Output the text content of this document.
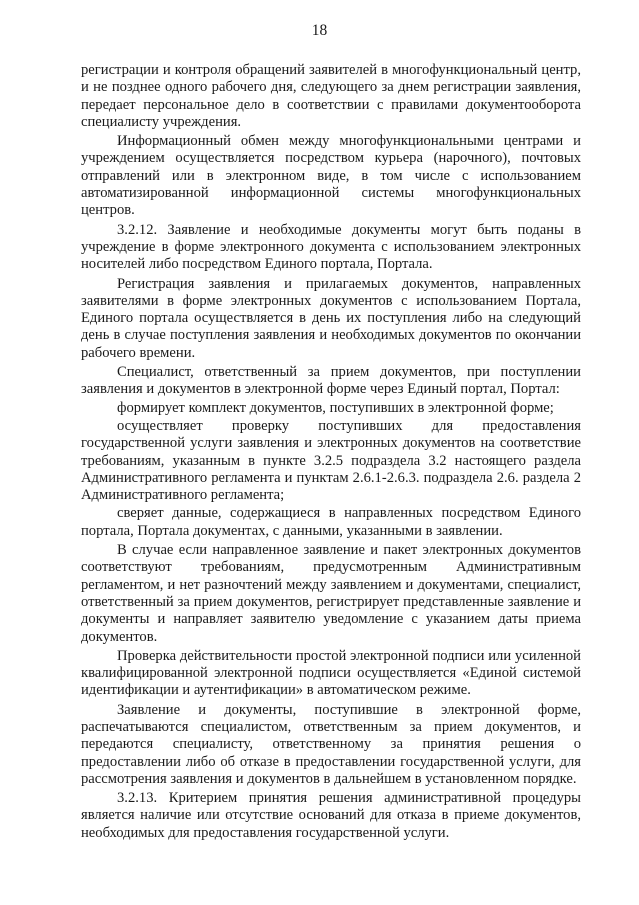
18

регистрации и контроля обращений заявителей в многофункциональный центр, и не позднее одного рабочего дня, следующего за днем регистрации заявления, передает персональное дело в соответствии с правилами документооборота специалисту учреждения.

Информационный обмен между многофункциональными центрами и учреждением осуществляется посредством курьера (нарочного), почтовых отправлений или в электронном виде, в том числе с использованием автоматизированной информационной системы многофункциональных центров.

3.2.12. Заявление и необходимые документы могут быть поданы в учреждение в форме электронного документа с использованием электронных носителей либо посредством Единого портала, Портала.

Регистрация заявления и прилагаемых документов, направленных заявителями в форме электронных документов с использованием Портала, Единого портала осуществляется в день их поступления либо на следующий день в случае поступления заявления и необходимых документов по окончании рабочего времени.

Специалист, ответственный за прием документов, при поступлении заявления и документов в электронной форме через Единый портал, Портал:

формирует комплект документов, поступивших в электронной форме;

осуществляет проверку поступивших для предоставления государственной услуги заявления и электронных документов на соответствие требованиям, указанным в пункте 3.2.5 подраздела 3.2 настоящего раздела Административного регламента и пунктам 2.6.1-2.6.3. подраздела 2.6. раздела 2 Административного регламента;

сверяет данные, содержащиеся в направленных посредством Единого портала, Портала документах, с данными, указанными в заявлении.

В случае если направленное заявление и пакет электронных документов соответствуют требованиям, предусмотренным Административным регламентом, и нет разночтений между заявлением и документами, специалист, ответственный за прием документов, регистрирует представленные заявление и документы и направляет заявителю уведомление с указанием даты приема документов.

Проверка действительности простой электронной подписи или усиленной квалифицированной электронной подписи осуществляется «Единой системой идентификации и аутентификации» в автоматическом режиме.

Заявление и документы, поступившие в электронной форме, распечатываются специалистом, ответственным за прием документов, и передаются специалисту, ответственному за принятия решения о предоставлении либо об отказе в предоставлении государственной услуги, для рассмотрения заявления и документов в дальнейшем в установленном порядке.

3.2.13. Критерием принятия решения административной процедуры является наличие или отсутствие оснований для отказа в приеме документов, необходимых для предоставления государственной услуги.
